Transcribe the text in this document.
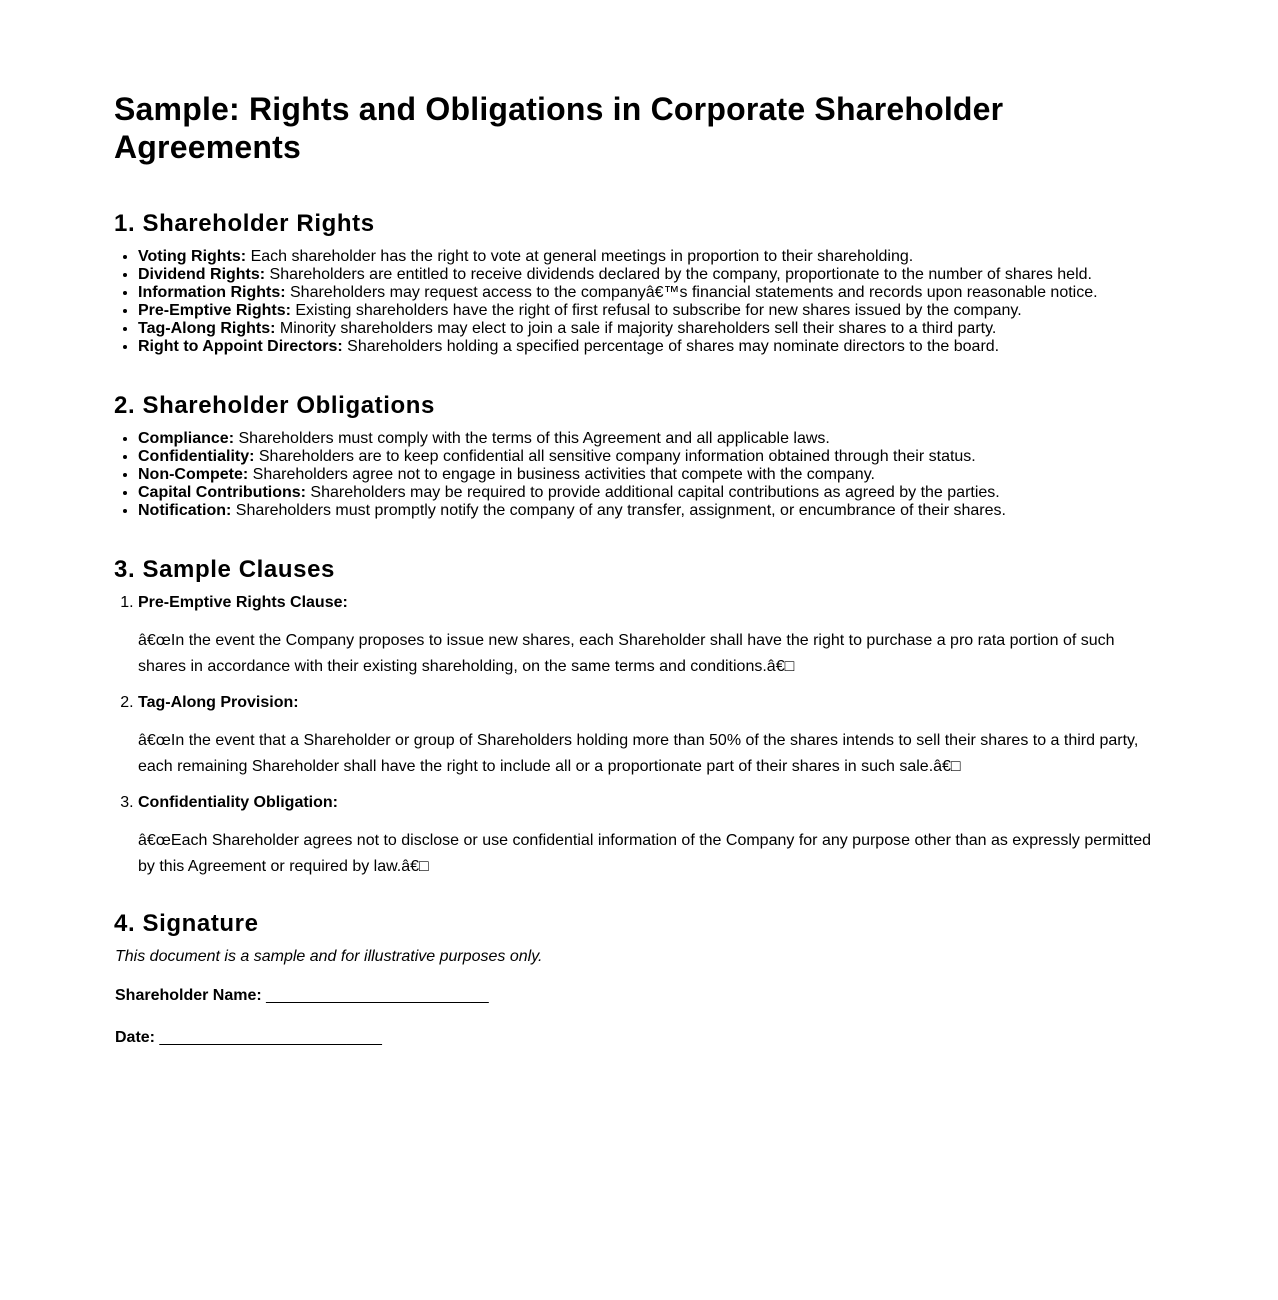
Sample: Rights and Obligations in Corporate Shareholder Agreements
1. Shareholder Rights
• Voting Rights: Each shareholder has the right to vote at general meetings in proportion to their shareholding.
• Dividend Rights: Shareholders are entitled to receive dividends declared by the company, proportionate to the number of shares held.
• Information Rights: Shareholders may request access to the companyâ€™s financial statements and records upon reasonable notice.
• Pre-Emptive Rights: Existing shareholders have the right of first refusal to subscribe for new shares issued by the company.
• Tag-Along Rights: Minority shareholders may elect to join a sale if majority shareholders sell their shares to a third party.
• Right to Appoint Directors: Shareholders holding a specified percentage of shares may nominate directors to the board.
2. Shareholder Obligations
• Compliance: Shareholders must comply with the terms of this Agreement and all applicable laws.
• Confidentiality: Shareholders are to keep confidential all sensitive company information obtained through their status.
• Non-Compete: Shareholders agree not to engage in business activities that compete with the company.
• Capital Contributions: Shareholders may be required to provide additional capital contributions as agreed by the parties.
• Notification: Shareholders must promptly notify the company of any transfer, assignment, or encumbrance of their shares.
3. Sample Clauses
1. Pre-Emptive Rights Clause:

â€œIn the event the Company proposes to issue new shares, each Shareholder shall have the right to purchase a pro rata portion of such shares in accordance with their existing shareholding, on the same terms and conditions.â€□

2. Tag-Along Provision:

â€œIn the event that a Shareholder or group of Shareholders holding more than 50% of the shares intends to sell their shares to a third party, each remaining Shareholder shall have the right to include all or a proportionate part of their shares in such sale.â€□

3. Confidentiality Obligation:

â€œEach Shareholder agrees not to disclose or use confidential information of the Company for any purpose other than as expressly permitted by this Agreement or required by law.â€□

4. Signature

This document is a sample and for illustrative purposes only.

Shareholder Name: _________________________

Date: _________________________
